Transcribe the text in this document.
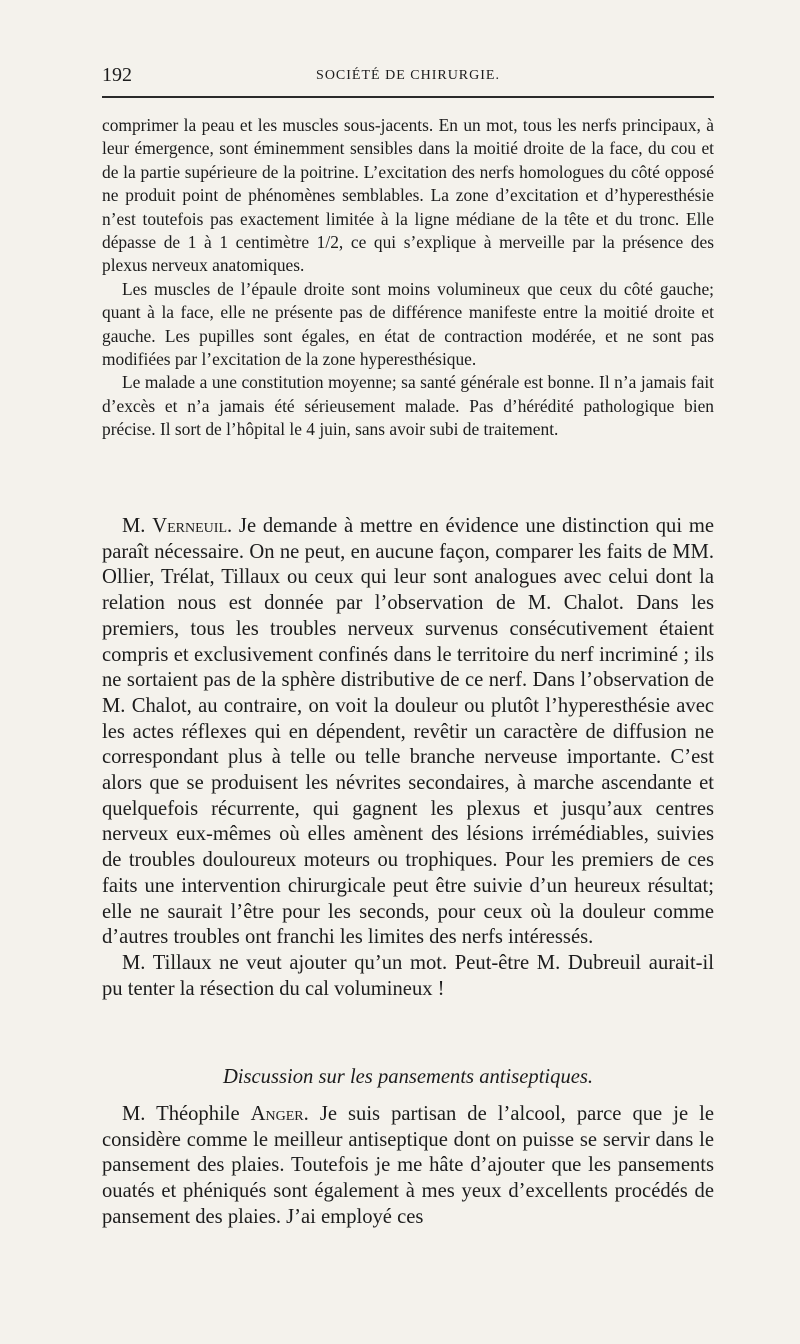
192	SOCIÉTÉ DE CHIRURGIE.

comprimer la peau et les muscles sous-jacents. En un mot, tous les nerfs principaux, à leur émergence, sont éminemment sensibles dans la moitié droite de la face, du cou et de la partie supérieure de la poitrine. L’excitation des nerfs homologues du côté opposé ne produit point de phénomènes semblables. La zone d’excitation et d’hyperesthésie n’est toutefois pas exactement limitée à la ligne médiane de la tête et du tronc. Elle dépasse de 1 à 1 centimètre 1/2, ce qui s’explique à merveille par la présence des plexus nerveux anatomiques.

Les muscles de l’épaule droite sont moins volumineux que ceux du côté gauche; quant à la face, elle ne présente pas de différence manifeste entre la moitié droite et gauche. Les pupilles sont égales, en état de contraction modérée, et ne sont pas modifiées par l’excitation de la zone hyperesthésique.

Le malade a une constitution moyenne; sa santé générale est bonne. Il n’a jamais fait d’excès et n’a jamais été sérieusement malade. Pas d’hérédité pathologique bien précise. Il sort de l’hôpital le 4 juin, sans avoir subi de traitement.

M. Verneuil. Je demande à mettre en évidence une distinction qui me paraît nécessaire. On ne peut, en aucune façon, comparer les faits de MM. Ollier, Trélat, Tillaux ou ceux qui leur sont analogues avec celui dont la relation nous est donnée par l’observation de M. Chalot. Dans les premiers, tous les troubles nerveux survenus consécutivement étaient compris et exclusivement confinés dans le territoire du nerf incriminé ; ils ne sortaient pas de la sphère distributive de ce nerf. Dans l’observation de M. Chalot, au contraire, on voit la douleur ou plutôt l’hyperesthésie avec les actes réflexes qui en dépendent, revêtir un caractère de diffusion ne correspondant plus à telle ou telle branche nerveuse importante. C’est alors que se produisent les névrites secondaires, à marche ascendante et quelquefois récurrente, qui gagnent les plexus et jusqu’aux centres nerveux eux-mêmes où elles amènent des lésions irrémédiables, suivies de troubles douloureux moteurs ou trophiques. Pour les premiers de ces faits une intervention chirurgicale peut être suivie d’un heureux résultat; elle ne saurait l’être pour les seconds, pour ceux où la douleur comme d’autres troubles ont franchi les limites des nerfs intéressés.

M. Tillaux ne veut ajouter qu’un mot. Peut-être M. Dubreuil aurait-il pu tenter la résection du cal volumineux !

Discussion sur les pansements antiseptiques.

M. Théophile Anger. Je suis partisan de l’alcool, parce que je le considère comme le meilleur antiseptique dont on puisse se servir dans le pansement des plaies. Toutefois je me hâte d’ajouter que les pansements ouatés et phéniqués sont également à mes yeux d’excellents procédés de pansement des plaies. J’ai employé ces
